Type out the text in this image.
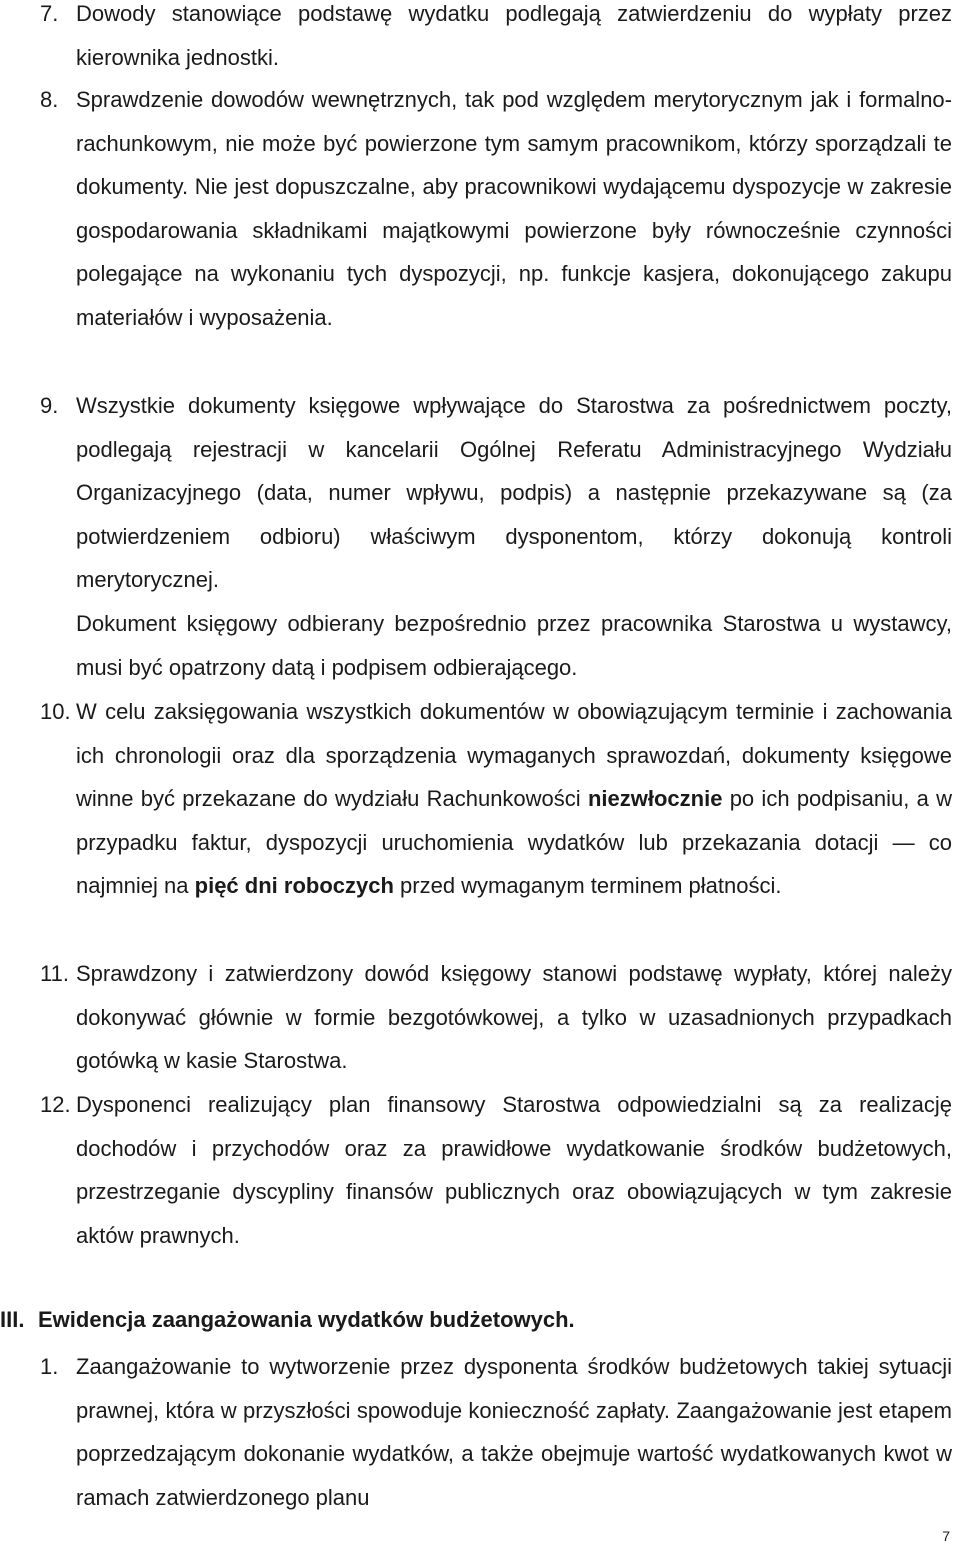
7. Dowody stanowiące podstawę wydatku podlegają zatwierdzeniu do wypłaty przez kierownika jednostki.

8. Sprawdzenie dowodów wewnętrznych, tak pod względem merytorycznym jak i formalno-rachunkowym, nie może być powierzone tym samym pracownikom, którzy sporządzali te dokumenty. Nie jest dopuszczalne, aby pracownikowi wydającemu dyspozycje w zakresie gospodarowania składnikami majątkowymi powierzone były równocześnie czynności polegające na wykonaniu tych dyspozycji, np. funkcje kasjera, dokonującego zakupu materiałów i wyposażenia.

9. Wszystkie dokumenty księgowe wpływające do Starostwa za pośrednictwem poczty, podlegają rejestracji w kancelarii Ogólnej Referatu Administracyjnego Wydziału Organizacyjnego (data, numer wpływu, podpis) a następnie przekazywane są (za potwierdzeniem odbioru) właściwym dysponentom, którzy dokonują kontroli merytorycznej.

Dokument księgowy odbierany bezpośrednio przez pracownika Starostwa u wystawcy, musi być opatrzony datą i podpisem odbierającego.

10. W celu zaksięgowania wszystkich dokumentów w obowiązującym terminie i zachowania ich chronologii oraz dla sporządzenia wymaganych sprawozdań, dokumenty księgowe winne być przekazane do wydziału Rachunkowości niezwłocznie po ich podpisaniu, a w przypadku faktur, dyspozycji uruchomienia wydatków lub przekazania dotacji — co najmniej na pięć dni roboczych przed wymaganym terminem płatności.

11. Sprawdzony i zatwierdzony dowód księgowy stanowi podstawę wypłaty, której należy dokonywać głównie w formie bezgotówkowej, a tylko w uzasadnionych przypadkach gotówką w kasie Starostwa.

12. Dysponenci realizujący plan finansowy Starostwa odpowiedzialni są za realizację dochodów i przychodów oraz za prawidłowe wydatkowanie środków budżetowych, przestrzeganie dyscypliny finansów publicznych oraz obowiązujących w tym zakresie aktów prawnych.

III. Ewidencja zaangażowania wydatków budżetowych.
1. Zaangażowanie to wytworzenie przez dysponenta środków budżetowych takiej sytuacji prawnej, która w przyszłości spowoduje konieczność zapłaty. Zaangażowanie jest etapem poprzedzającym dokonanie wydatków, a także obejmuje wartość wydatkowanych kwot w ramach zatwierdzonego planu

7
